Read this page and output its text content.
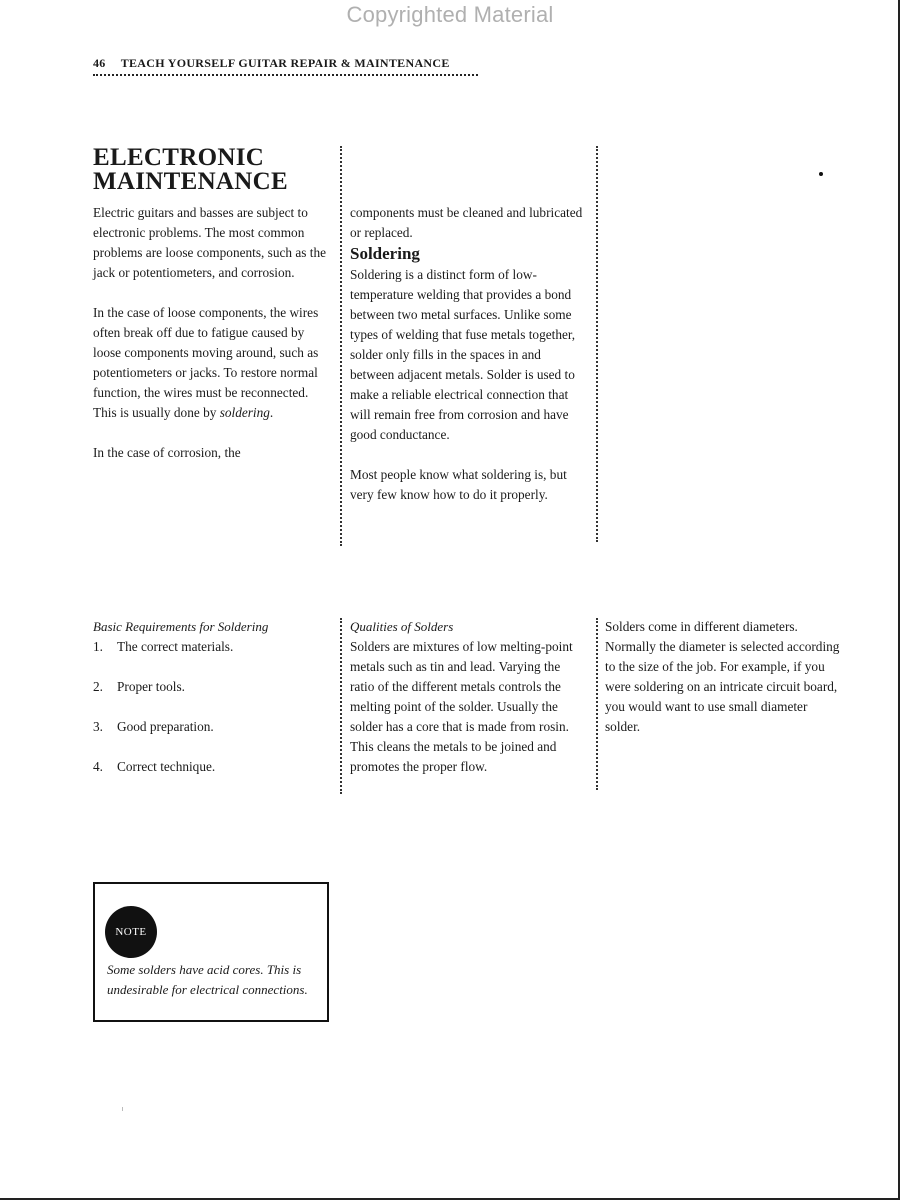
Copyrighted Material
46 TEACH YOURSELF GUITAR REPAIR & MAINTENANCE
ELECTRONIC
MAINTENANCE

Electric guitars and basses are subject to electronic problems. The most common problems are loose components, such as the jack or potentiometers, and corrosion.

In the case of loose components, the wires often break off due to fatigue caused by loose components moving around, such as potentiometers or jacks. To restore normal function, the wires must be reconnected. This is usually done by soldering.

In the case of corrosion, the

components must be cleaned and lubricated or replaced.

Soldering

Soldering is a distinct form of low-temperature welding that provides a bond between two metal surfaces. Unlike some types of welding that fuse metals together, solder only fills in the spaces in and between adjacent metals. Solder is used to make a reliable electrical connection that will remain free from corrosion and have good conductance.

Most people know what soldering is, but very few know how to do it properly.

Basic Requirements for Soldering

1. The correct materials.
2. Proper tools.
3. Good preparation.
4. Correct technique.

Qualities of Solders

Solders are mixtures of low melting-point metals such as tin and lead. Varying the ratio of the different metals controls the melting point of the solder. Usually the solder has a core that is made from rosin. This cleans the metals to be joined and promotes the proper flow.

Solders come in different diameters. Normally the diameter is selected according to the size of the job. For example, if you were soldering on an intricate circuit board, you would want to use small diameter solder.

NOTE
Some solders have acid cores. This is undesirable for electrical connections.
